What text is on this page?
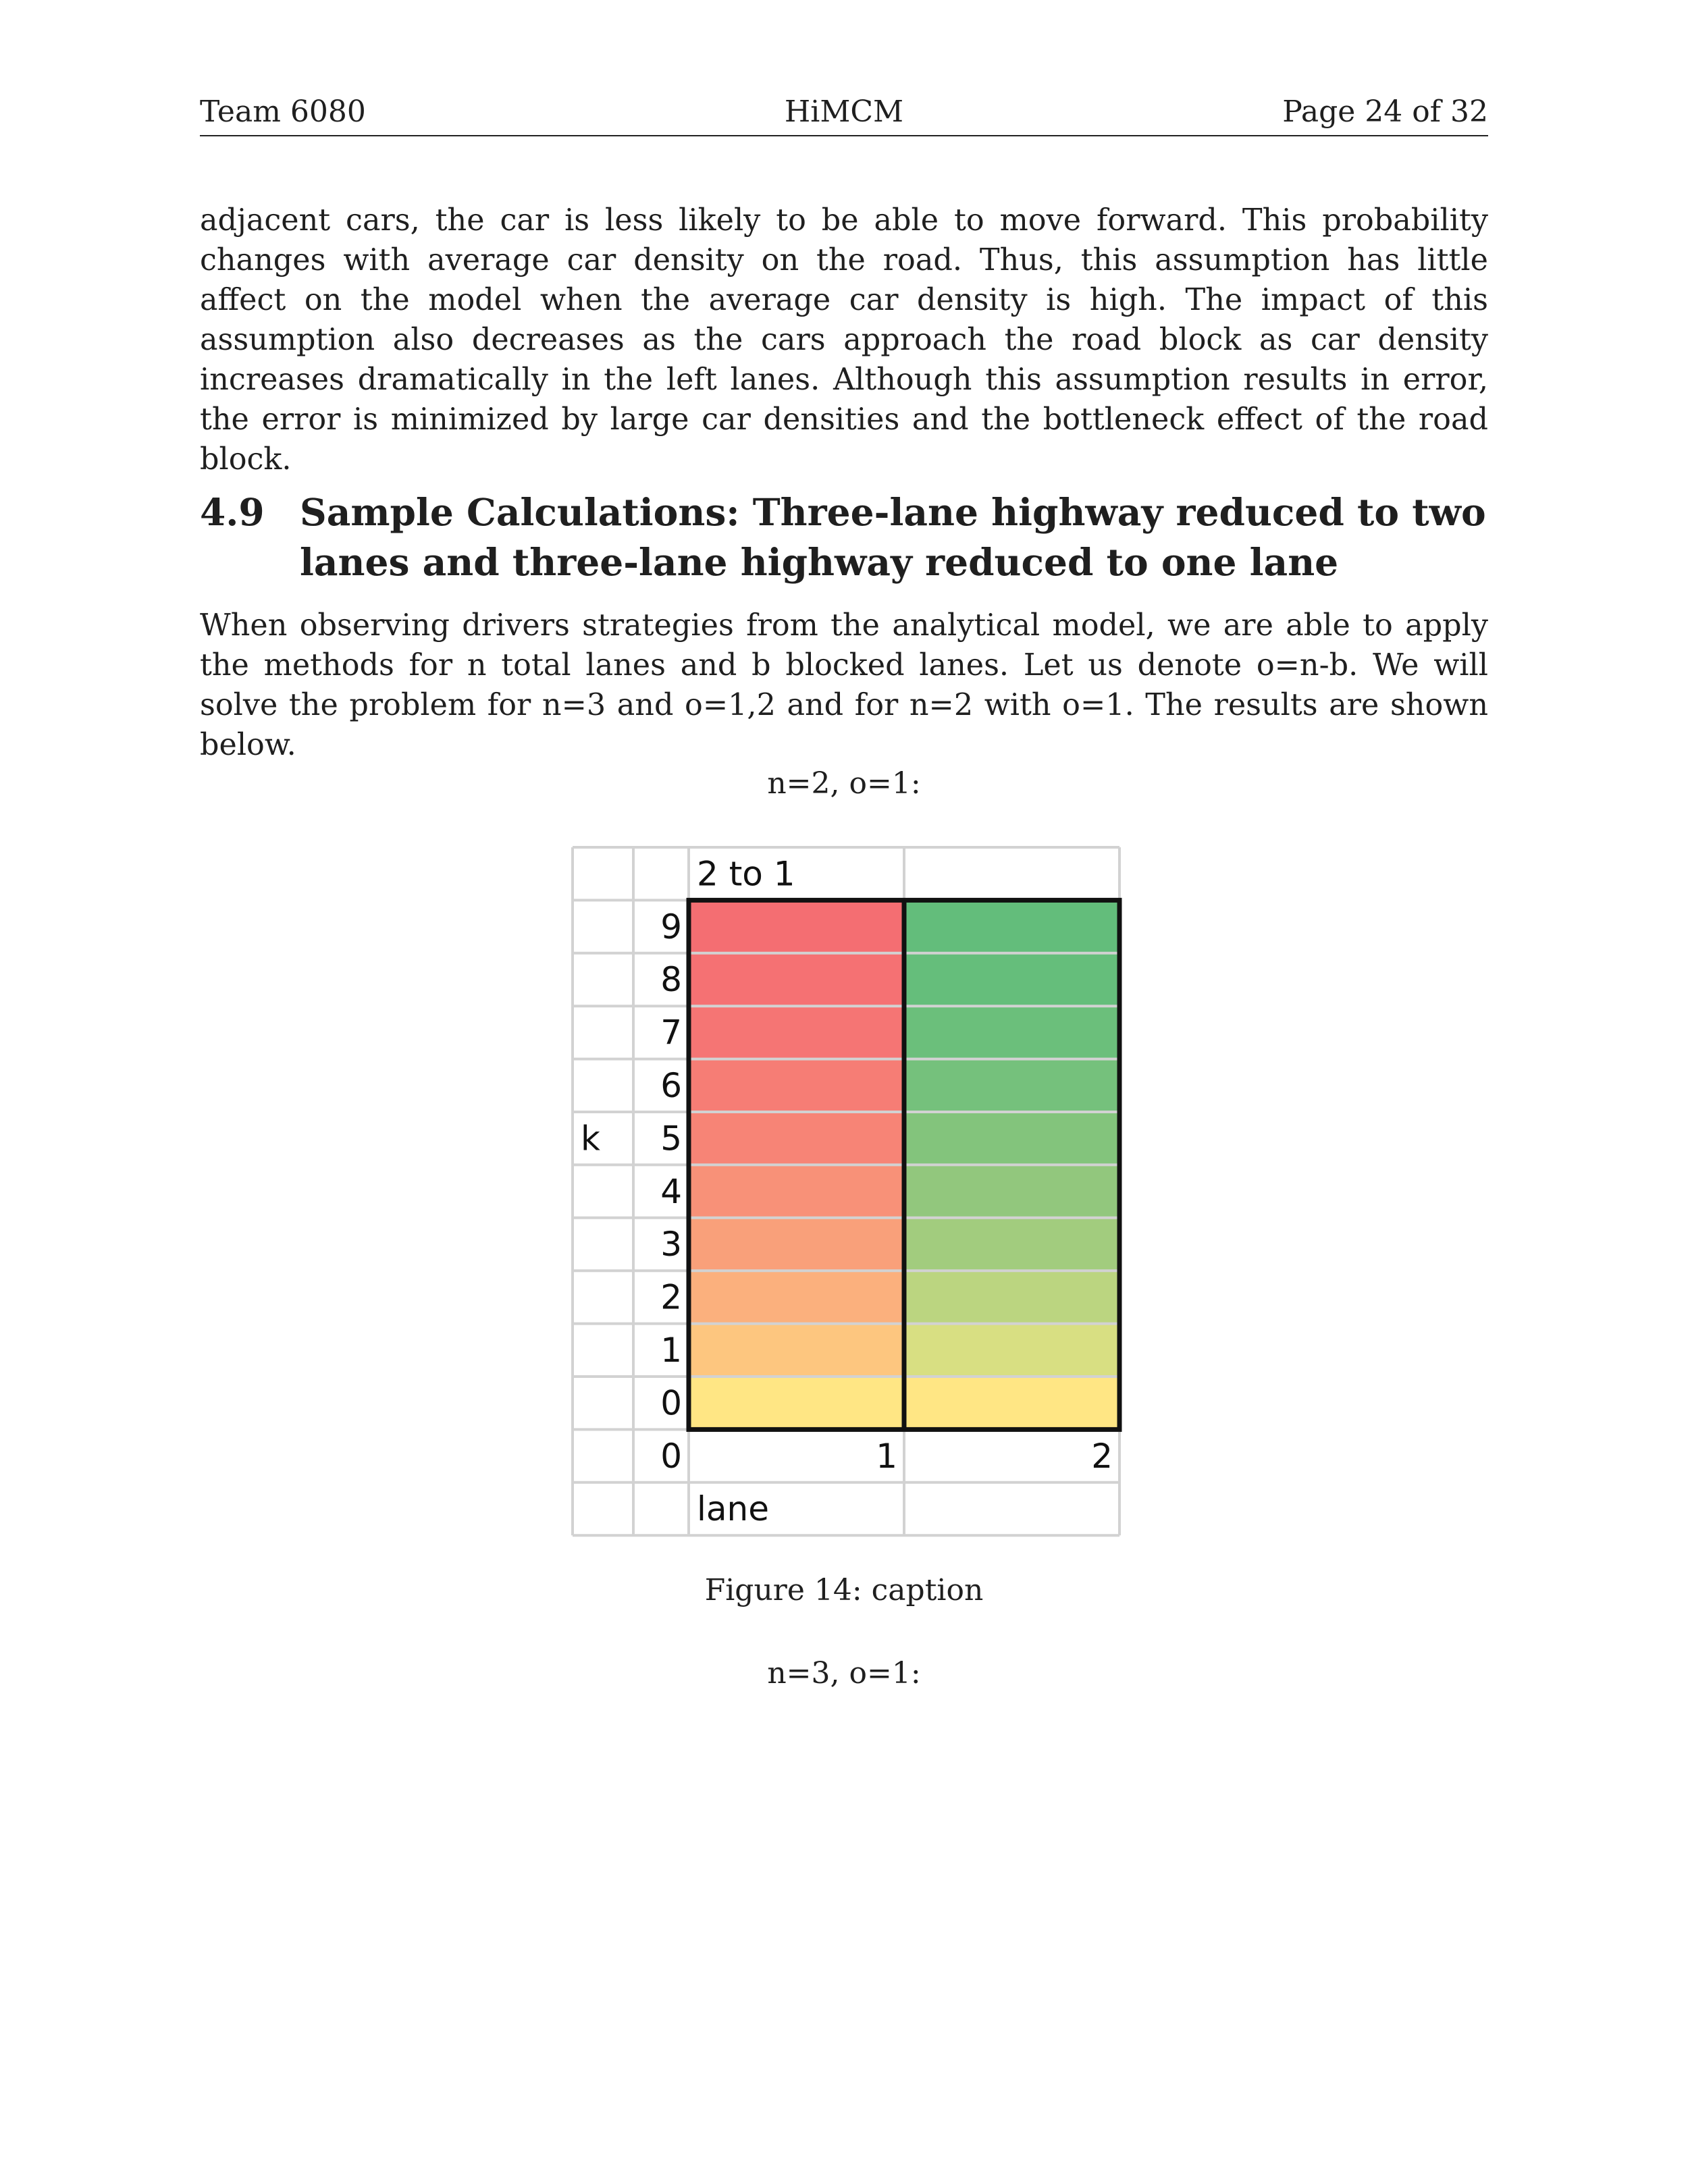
Team 6080	HiMCM	Page 24 of 32

adjacent cars, the car is less likely to be able to move forward. This probability changes with average car density on the road. Thus, this assumption has little affect on the model when the average car density is high. The impact of this assumption also decreases as the cars approach the road block as car density increases dramatically in the left lanes. Although this assumption results in error, the error is minimized by large car densities and the bottleneck effect of the road block.

4.9 Sample Calculations: Three-lane highway reduced to two lanes and three-lane highway reduced to one lane

When observing drivers strategies from the analytical model, we are able to apply the methods for n total lanes and b blocked lanes. Let us denote o=n-b. We will solve the problem for n=3 and o=1,2 and for n=2 with o=1. The results are shown below.

n=2, o=1:
2 to 1
9
8
7
6
5
4
3
2
1
0
k
0	1	2
lane
Figure 14: caption
n=3, o=1:
